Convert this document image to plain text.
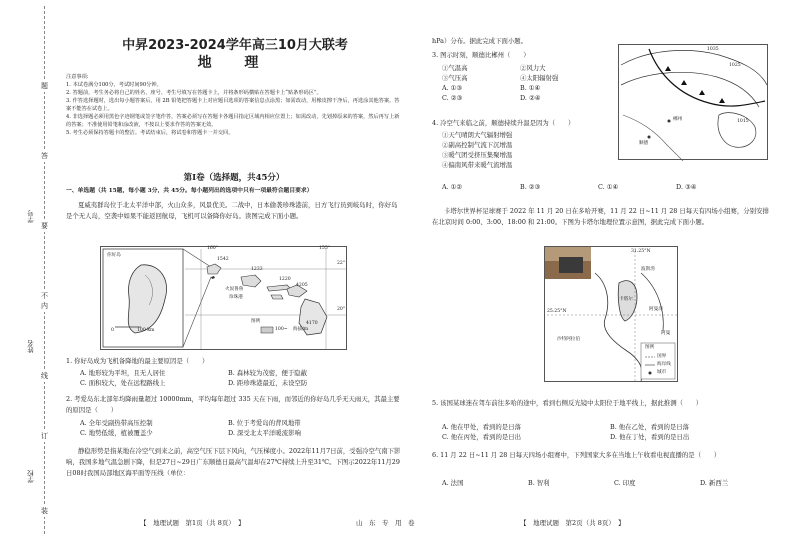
题
答
要
不
内
线
订
装
学号
姓名
学校
中昇2023-2024学年高三10月大联考
地 理
注意事项:
1. 本试卷满分100分，考试时间90分钟。
2. 答题前，考生务必将自己的姓名、座号、考生号填写在答题卡上，并将条形码横贴在答题卡上“贴条形码区”。
3. 作答选择题时，选出每小题答案后，用 2B 铅笔把答题卡上对应题目选项的答案信息点涂黑；如需改动，用橡皮擦干净后，再选涂其他答案。答案不能答在试卷上。
4. 非选择题必须用黑色字迹钢笔或签字笔作答，答案必须写在答题卡各题目指定区域内相应位置上；如需改动，先划掉原来的答案，然后再写上新的答案；不准使用铅笔和涂改液，不按以上要求作答的答案无效。
5. 考生必须保持答题卡的整洁。考试结束后，将试卷和答题卡一并交回。
第Ⅰ卷（选择题，共45分）
一、单选题（共 15题，每小题 3分，共 45分。每小题列出的选项中只有一项最符合题目要求）

夏威夷群岛位于北太平洋中部，火山众多，风景优美。二战中，日本偷袭珍珠港前，日方飞行员到岐岛时，你好岛是个无人岛，空袭中如果不能返回航母，飞机可以备降你好岛。读图完成下面小题。

你好岛
160°	155°
22°
20°
1542
1233
4205
火奴鲁鲁
珍珠港
1220
4170
0	100 km
图例
100~ 海拔/m

1. 你好岛成为飞机备降地的最主要原因是（　　）

A. 地形较为平坦，且无人居住	B. 森林较为茂密，便于隐蔽
C. 面积较大，处在远程路线上	D. 距珍珠港最近，未设空防

2. 考爱岛东北部年均降雨量超过 10000mm，平均每年超过 335 天在下雨，而邻近的你好岛几乎无天雨天，其最主要的原因是（　　）

A. 全年受副热带高压控制	B. 位于考爱岛的背风地带
C. 地势低缓，植被覆盖少	D. 深受北太平洋暖流影响

静稳形势是指某地在冷空气到来之前，高空气压下层下风向，气压梯度小。2022年11月7日前，受强冷空气南下影响，我国多地气温急剧下降，但是27日~29日广东顺德日最高气温却在27℃持续上升至31℃。下图示2022年11月29日08时我国局部地区海平面等压线（单位：

hPa）分布。据此完成下面小题。

3. 图示时刻，顺德比郴州（　　）

①气温高	②风力大
③气压高	④太阳辐射强
A. ①③	B. ①④
C. ②③	D. ②④
1035
1025
1015
顺德
郴州

4. 冷空气来临之前，顺德持续升温是因为（　　）

①天气晴朗大气辐射增强
②副高控制气流下沉增温
③暖气团受挤压集聚增温
④偏南风带来暖气流增温
A. ①②	B. ②③	C. ①④	D. ③④

卡塔尔世界杯足球赛于 2022 年 11 月 20 日在多哈开赛，11 月 22 日~11 月 28 日每天有四场小组赛，分别安排在北京时间 0:00、3:00、18:00 和 21:00。下图为卡塔尔地理位置示意图，据此完成下面小题。

31.25°N
波斯湾
卡塔尔
阿曼湾
25.25°N
沙特阿拉伯
图例
国界
海岸线
城市
阿曼

5. 该国某球迷在驾车前往多哈的途中，看到右侧反光镜中太阳位于地平线上，据此推测（　　）

A. 他在甲处，看到的是日落	B. 他在乙处，看到的是日落
C. 他在丙处，看到的是日出	D. 他在丁处，看到的是日出

6. 11 月 22 日~11 月 28 日每天四场小组赛中，下列国家大多在当地上午收看电视直播的是（　　）

A. 法国	B. 智利	C. 印度	D. 新西兰
【　地理试题　第1页（共 8页）　】	山　东　专　用　卷	【　地理试题　第2页（共 8页）　】
